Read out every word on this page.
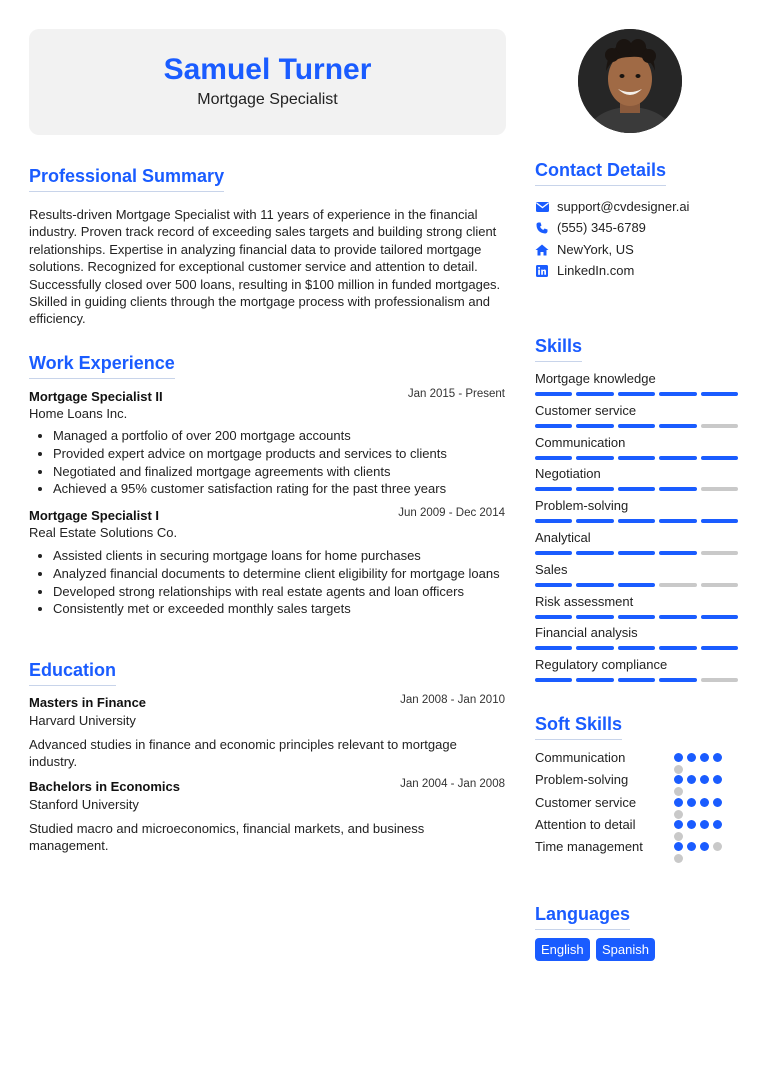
Samuel Turner
Mortgage Specialist
Professional Summary
Results-driven Mortgage Specialist with 11 years of experience in the financial industry. Proven track record of exceeding sales targets and building strong client relationships. Expertise in analyzing financial data to provide tailored mortgage solutions. Recognized for exceptional customer service and attention to detail. Successfully closed over 500 loans, resulting in $100 million in funded mortgages. Skilled in guiding clients through the mortgage process with professionalism and efficiency.
Work Experience
Mortgage Specialist II	Jan 2015 - Present
Home Loans Inc.
• Managed a portfolio of over 200 mortgage accounts
• Provided expert advice on mortgage products and services to clients
• Negotiated and finalized mortgage agreements with clients
• Achieved a 95% customer satisfaction rating for the past three years
Mortgage Specialist I	Jun 2009 - Dec 2014
Real Estate Solutions Co.
• Assisted clients in securing mortgage loans for home purchases
• Analyzed financial documents to determine client eligibility for mortgage loans
• Developed strong relationships with real estate agents and loan officers
• Consistently met or exceeded monthly sales targets
Education
Masters in Finance	Jan 2008 - Jan 2010
Harvard University
Advanced studies in finance and economic principles relevant to mortgage industry.
Bachelors in Economics	Jan 2004 - Jan 2008
Stanford University
Studied macro and microeconomics, financial markets, and business management.
Contact Details
support@cvdesigner.ai
(555) 345-6789
NewYork, US
LinkedIn.com
Skills
Mortgage knowledge
Customer service
Communication
Negotiation
Problem-solving
Analytical
Sales
Risk assessment
Financial analysis
Regulatory compliance
Soft Skills
Communication
Problem-solving
Customer service
Attention to detail
Time management
Languages
English	Spanish
